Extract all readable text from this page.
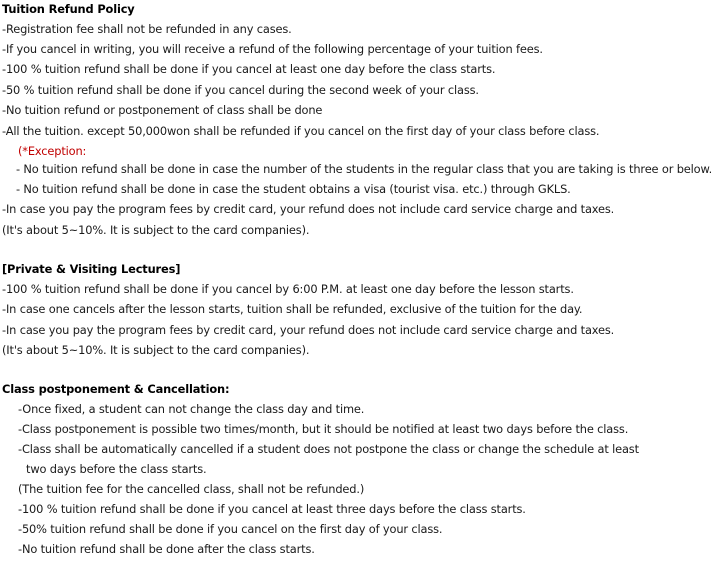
Tuition Refund Policy
-Registration fee shall not be refunded in any cases.
-If you cancel in writing, you will receive a refund of the following percentage of your tuition fees.
-100 % tuition refund shall be done if you cancel at least one day before the class starts.
-50 % tuition refund shall be done if you cancel during the second week of your class.
-No tuition refund or postponement of class shall be done
-All the tuition. except 50,000won shall be refunded if you cancel on the first day of your class before class.
(*Exception:
- No tuition refund shall be done in case the number of the students in the regular class that you are taking is three or below.
- No tuition refund shall be done in case the student obtains a visa (tourist visa. etc.) through GKLS.
-In case you pay the program fees by credit card, your refund does not include card service charge and taxes.
(It's about 5~10%. It is subject to the card companies).
[Private & Visiting Lectures]
-100 % tuition refund shall be done if you cancel by 6:00 P.M. at least one day before the lesson starts.
-In case one cancels after the lesson starts, tuition shall be refunded, exclusive of the tuition for the day.
-In case you pay the program fees by credit card, your refund does not include card service charge and taxes.
(It's about 5~10%. It is subject to the card companies).
Class postponement & Cancellation:
-Once fixed, a student can not change the class day and time.
-Class postponement is possible two times/month, but it should be notified at least two days before the class.
-Class shall be automatically cancelled if a student does not postpone the class or change the schedule at least
two days before the class starts.
(The tuition fee for the cancelled class, shall not be refunded.)
-100 % tuition refund shall be done if you cancel at least three days before the class starts.
-50% tuition refund shall be done if you cancel on the first day of your class.
-No tuition refund shall be done after the class starts.
